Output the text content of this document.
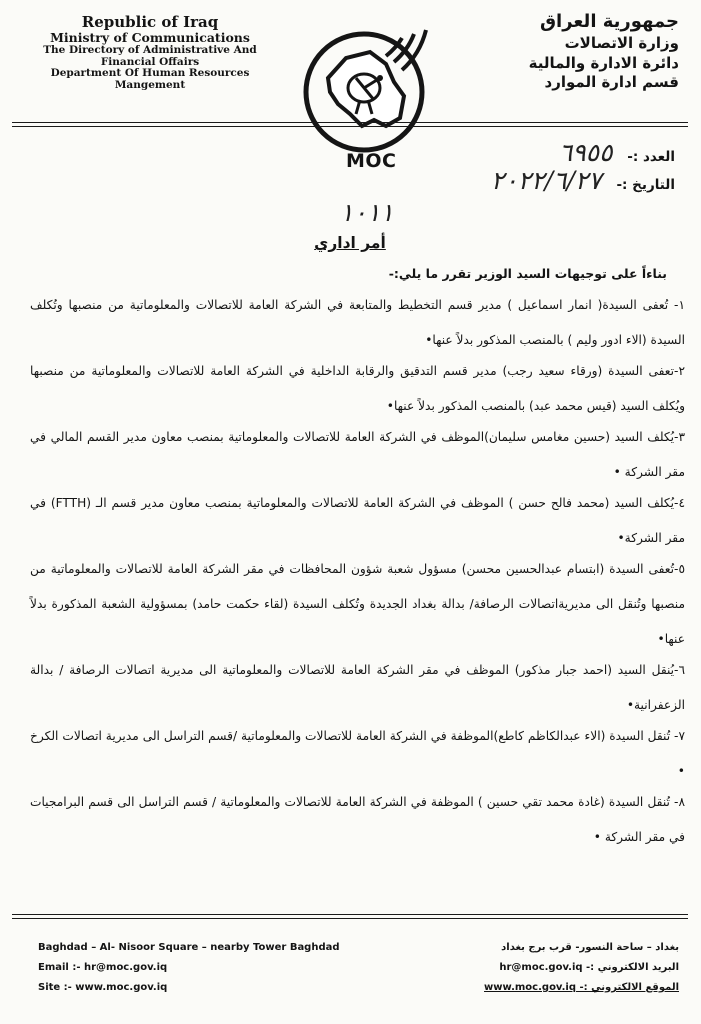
Republic of Iraq
Ministry of Communications
The Directory of Administrative And
Financial Offairs
Department Of Human Resources
Mangement
MOC
جمهورية العراق
وزارة الاتصالات
دائرة الادارة والمالية
قسم ادارة الموارد
العدد :- ٦٩٥٥
التاريخ :- ٢٠٢٢/٦/٢٧
١٠١١
أمر اداري
بناءاً على توجيهات السيد الوزير تقرر ما يلي:-
١- تُعفى السيدة( انمار اسماعيل ) مدير قسم التخطيط والمتابعة في الشركة العامة للاتصالات والمعلوماتية من منصبها وتُكلف السيدة (الاء ادور وليم ) بالمنصب المذكور بدلاً عنها•
٢-تعفى السيدة (ورقاء سعيد رجب) مدير قسم التدقيق والرقابة الداخلية في الشركة العامة للاتصالات والمعلوماتية من منصبها ويُكلف السيد (قيس محمد عبد) بالمنصب المذكور بدلاً عنها•
٣-يُكلف السيد (حسين مغامس سليمان)الموظف في الشركة العامة للاتصالات والمعلوماتية بمنصب معاون مدير القسم المالي في مقر الشركة •
٤-يُكلف السيد (محمد فالح حسن ) الموظف في الشركة العامة للاتصالات والمعلوماتية بمنصب معاون مدير قسم الـ (FTTH) في مقر الشركة•
٥-تُعفى السيدة (ابتسام عبدالحسين محسن) مسؤول شعبة شؤون المحافظات في مقر الشركة العامة للاتصالات والمعلوماتية من منصبها وتُنقل الى مديريةاتصالات الرصافة/ بدالة بغداد الجديدة وتُكلف السيدة (لقاء حكمت حامد) بمسؤولية الشعبة المذكورة بدلاً عنها•
٦-يُنقل السيد (احمد جبار مذكور) الموظف في مقر الشركة العامة للاتصالات والمعلوماتية الى مديرية اتصالات الرصافة / بدالة الزعفرانية•
٧- تُنقل السيدة (الاء عبدالكاظم كاطع)الموظفة في الشركة العامة للاتصالات والمعلوماتية /قسم التراسل الى مديرية اتصالات الكرخ •
٨- تُنقل السيدة (غادة محمد تقي حسين ) الموظفة في الشركة العامة للاتصالات والمعلوماتية / قسم التراسل الى قسم البرامجيات في مقر الشركة •
Baghdad – Al- Nisoor Square – nearby Tower Baghdad
Email :- hr@moc.gov.iq
Site :- www.moc.gov.iq
بغداد – ساحة النسور- قرب برج بغداد
البريد الالكتروني :- hr@moc.gov.iq
الموقع الالكتروني :- www.moc.gov.iq
